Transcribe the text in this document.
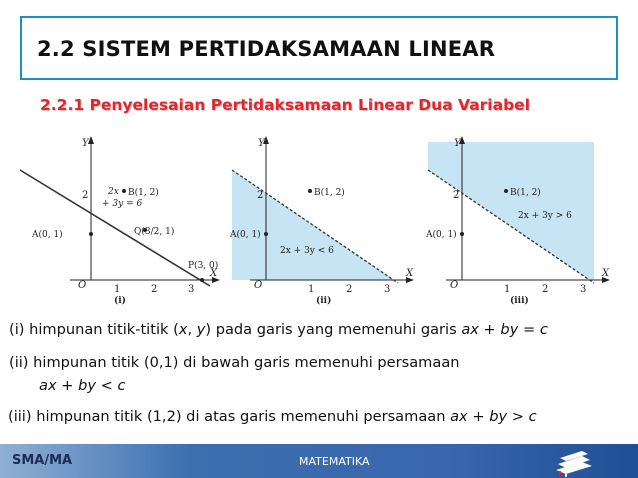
2.2 SISTEM PERTIDAKSAMAAN LINEAR
2.2.1 Penyelesaian Pertidaksamaan Linear Dua Variabel
Y
X
O	1	2	3
2	B(1, 2)
A(0, 1)
2x
+ 3y = 6
Q(3/2, 1)
P(3, 0)
(i)
Y
X
O	1	2	3
2	B(1, 2)
A(0, 1)
2x + 3y < 6
(ii)
Y
X
O	1	2	3
2	B(1, 2)
A(0, 1)
2x + 3y > 6
(iii)
(i) himpunan titik-titik (x, y) pada garis yang memenuhi garis ax + by = c
(ii) himpunan titik (0,1) di bawah garis memenuhi persamaan
ax + by < c
(iii) himpunan titik (1,2) di atas garis memenuhi persamaan ax + by > c
SMA/MA	MATEMATIKA
